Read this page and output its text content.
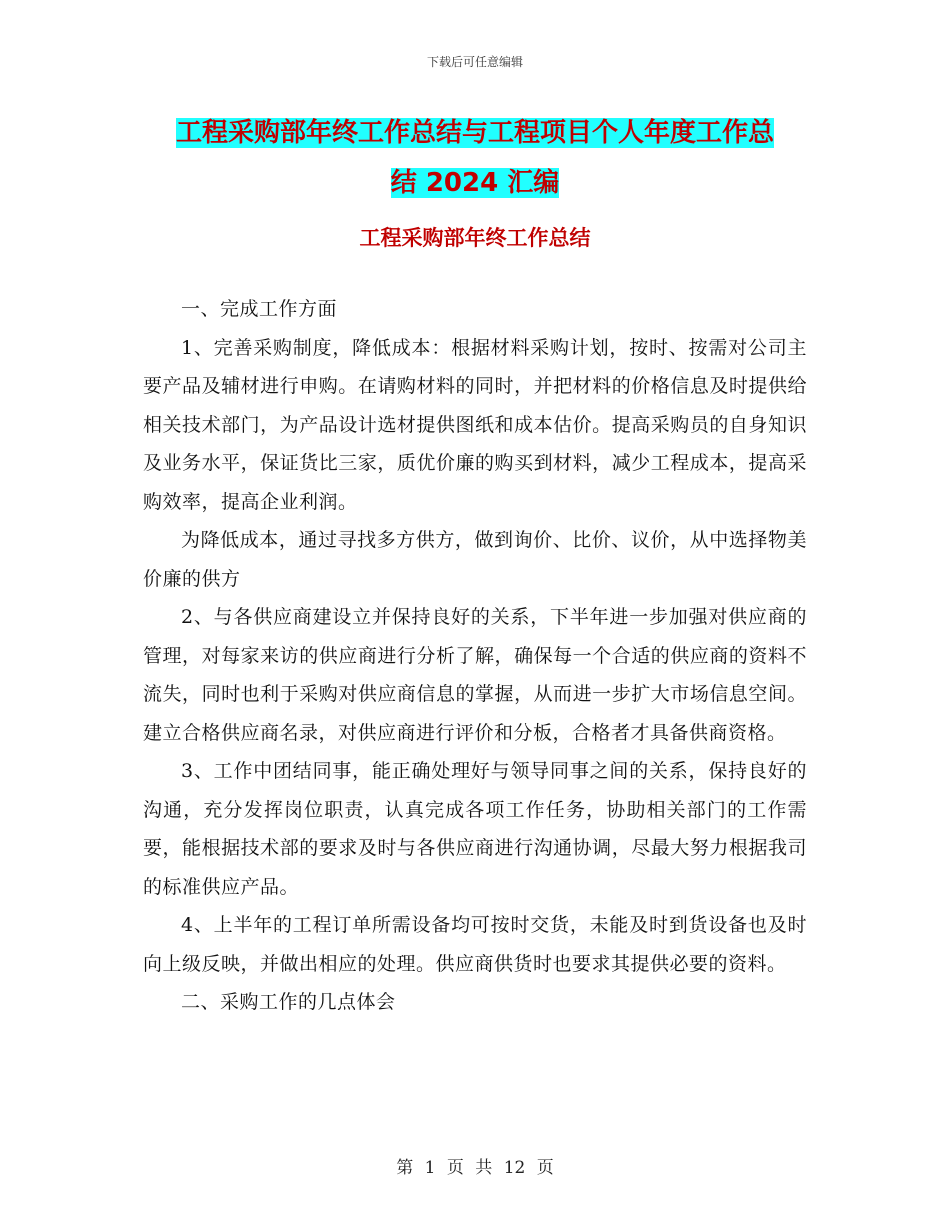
下载后可任意编辑
工程采购部年终工作总结与工程项目个人年度工作总
结 2024 汇编
工程采购部年终工作总结

一、完成工作方面

1、完善采购制度，降低成本：根据材料采购计划，按时、按需对公司主要产品及辅材进行申购。在请购材料的同时，并把材料的价格信息及时提供给相关技术部门，为产品设计选材提供图纸和成本估价。提高采购员的自身知识及业务水平，保证货比三家，质优价廉的购买到材料，减少工程成本，提高采购效率，提高企业利润。

为降低成本，通过寻找多方供方，做到询价、比价、议价，从中选择物美价廉的供方

2、与各供应商建设立并保持良好的关系，下半年进一步加强对供应商的管理，对每家来访的供应商进行分析了解，确保每一个合适的供应商的资料不流失，同时也利于采购对供应商信息的掌握，从而进一步扩大市场信息空间。建立合格供应商名录，对供应商进行评价和分板，合格者才具备供商资格。

3、工作中团结同事，能正确处理好与领导同事之间的关系，保持良好的沟通，充分发挥岗位职责，认真完成各项工作任务，协助相关部门的工作需要，能根据技术部的要求及时与各供应商进行沟通协调，尽最大努力根据我司的标准供应产品。

4、上半年的工程订单所需设备均可按时交货，未能及时到货设备也及时向上级反映，并做出相应的处理。供应商供货时也要求其提供必要的资料。

二、采购工作的几点体会

第 1 页 共 12 页
